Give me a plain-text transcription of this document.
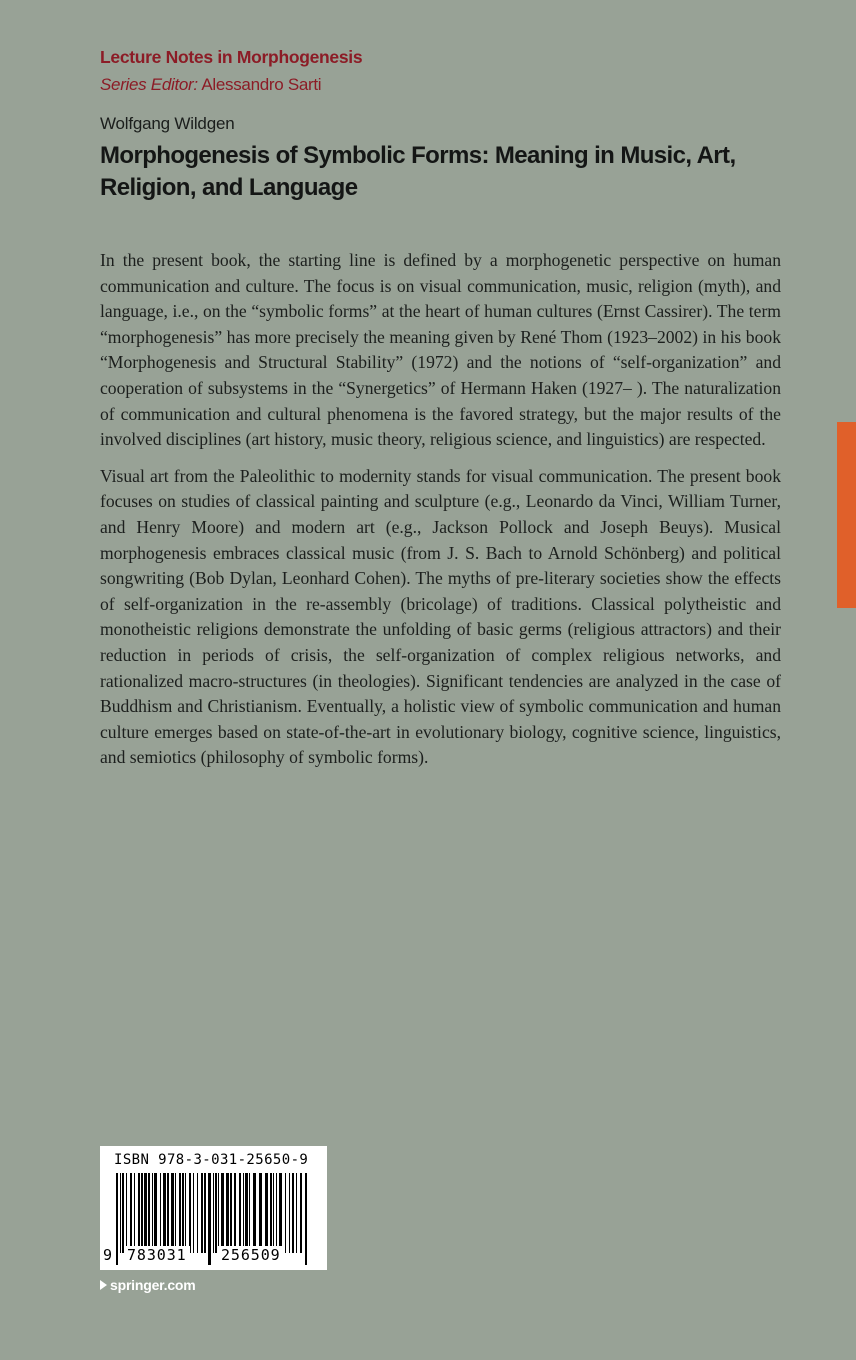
Lecture Notes in Morphogenesis
Series Editor: Alessandro Sarti
Wolfgang Wildgen
Morphogenesis of Symbolic Forms: Meaning in Music, Art, Religion, and Language

In the present book, the starting line is defined by a morphogenetic perspective on human communication and culture. The focus is on visual communication, music, religion (myth), and language, i.e., on the “symbolic forms” at the heart of human cultures (Ernst Cassirer). The term “morphogenesis” has more precisely the meaning given by René Thom (1923–2002) in his book “Morphogenesis and Structural Stability” (1972) and the notions of “self-organization” and cooperation of subsystems in the “Synergetics” of Hermann Haken (1927– ). The naturalization of communication and cultural phenomena is the favored strategy, but the major results of the involved disciplines (art history, music theory, religious science, and linguistics) are respected.

Visual art from the Paleolithic to modernity stands for visual communication. The present book focuses on studies of classical painting and sculpture (e.g., Leonardo da Vinci, William Turner, and Henry Moore) and modern art (e.g., Jackson Pollock and Joseph Beuys). Musical morphogenesis embraces classical music (from J. S. Bach to Arnold Schönberg) and political songwriting (Bob Dylan, Leonhard Cohen). The myths of pre-literary societies show the effects of self-organization in the re-assembly (bricolage) of traditions. Classical polytheistic and monotheistic religions demonstrate the unfolding of basic germs (religious attractors) and their reduction in periods of crisis, the self-organization of complex religious networks, and rationalized macro-structures (in theologies). Significant tendencies are analyzed in the case of Buddhism and Christianism. Eventually, a holistic view of symbolic communication and human culture emerges based on state-of-the-art in evolutionary biology, cognitive science, linguistics, and semiotics (philosophy of symbolic forms).

ISBN 978-3-031-25650-9
9 783031 256509
springer.com
